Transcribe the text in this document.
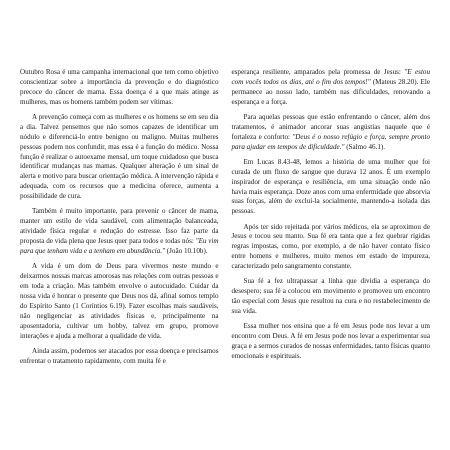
Outubro Rosa é uma campanha internacional que tem como objetivo conscientizar sobre a importância da prevenção e do diagnóstico precoce do câncer de mama. Essa doença é a que mais atinge as mulheres, mas os homens também podem ser vítimas.

A prevenção começa com as mulheres e os homens se em seu dia a dia. Talvez pensemos que não somos capazes de identificar um nódulo e diferenciá-lo entre benigno ou maligno. Muitas mulheres pessoas podem nos confundir, mas essa é a função do médico. Nossa função é realizar o autoexame mensal, um toque cuidadoso que busca identificar mudanças nas mamas. Qualquer alteração é um sinal de alerta e motivo para buscar orientação médica. A intervenção rápida e adequada, com os recursos que a medicina oferece, aumenta a possibilidade de cura.

Também é muito importante, para prevenir o câncer de mama, manter um estilo de vida saudável, com alimentação balanceada, atividade física regular e redução do estresse. Isso faz parte da proposta de vida plena que Jesus quer para todos e todas nós: "Eu vim para que tenham vida e a tenham em abundância." (João 10.10b).

A vida é um dom de Deus para vivermos neste mundo e deixarmos nossas marcas amorosas nas relações com outras pessoas e em toda a criação. Mas também envolve o autocuidado. Cuidar da nossa vida é honrar o presente que Deus nos dá, afinal somos templo do Espírito Santo (1 Coríntios 6.19). Fazer escolhas mais saudáveis, não negligenciar as atividades físicas e, principalmente na aposentadoria, cultivar um hobby, talvez em grupo, promove interações e ajuda a melhorar a qualidade de vida.

Ainda assim, podemos ser atacados por essa doença e precisamos enfrentar o tratamento rapidamente, com muita fé e

esperança resiliente, amparados pela promessa de Jesus: "E estou com vocês todos os dias, até o fim dos tempos!" (Mateus 28.20). Ele permanece ao nosso lado, também nas dificuldades, renovando a esperança e a força.

Para aquelas pessoas que estão enfrentando o câncer, além dos tratamentos, é animador ancorar suas angústias naquele que é fortaleza e conforto: "Deus é o nosso refúgio e força, sempre pronto para ajudar em tempos de dificuldade." (Salmo 46.1).

Em Lucas 8.43-48, lemos a história de uma mulher que foi curada de um fluxo de sangue que durava 12 anos. É um exemplo inspirador de esperança e resiliência, em uma situação onde não havia mais esperança. Doze anos com uma enfermidade que absorvia suas forças, além de excluí-la socialmente, mantendo-a isolada das pessoas.

Após ter sido rejeitada por vários médicos, ela se aproximou de Jesus e tocou seu manto. Sua fé era tanta que a fez quebrar rígidas regras impostas, como, por exemplo, a de não haver contato físico entre homens e mulheres, muito menos em estado de impureza, caracterizado pelo sangramento constante.

Sua fé a fez ultrapassar a linha que dividia a esperança do desespero; sua fé a colocou em movimento e promoveu um encontro tão especial com Jesus que resultou na cura e no restabelecimento de sua vida.

Essa mulher nos ensina que a fé em Jesus pode nos levar a um encontro com Deus. A fé em Jesus pode nos levar a experimentar sua graça e a sermos curados de nossas enfermidades, tanto físicas quanto emocionais e espirituais.
